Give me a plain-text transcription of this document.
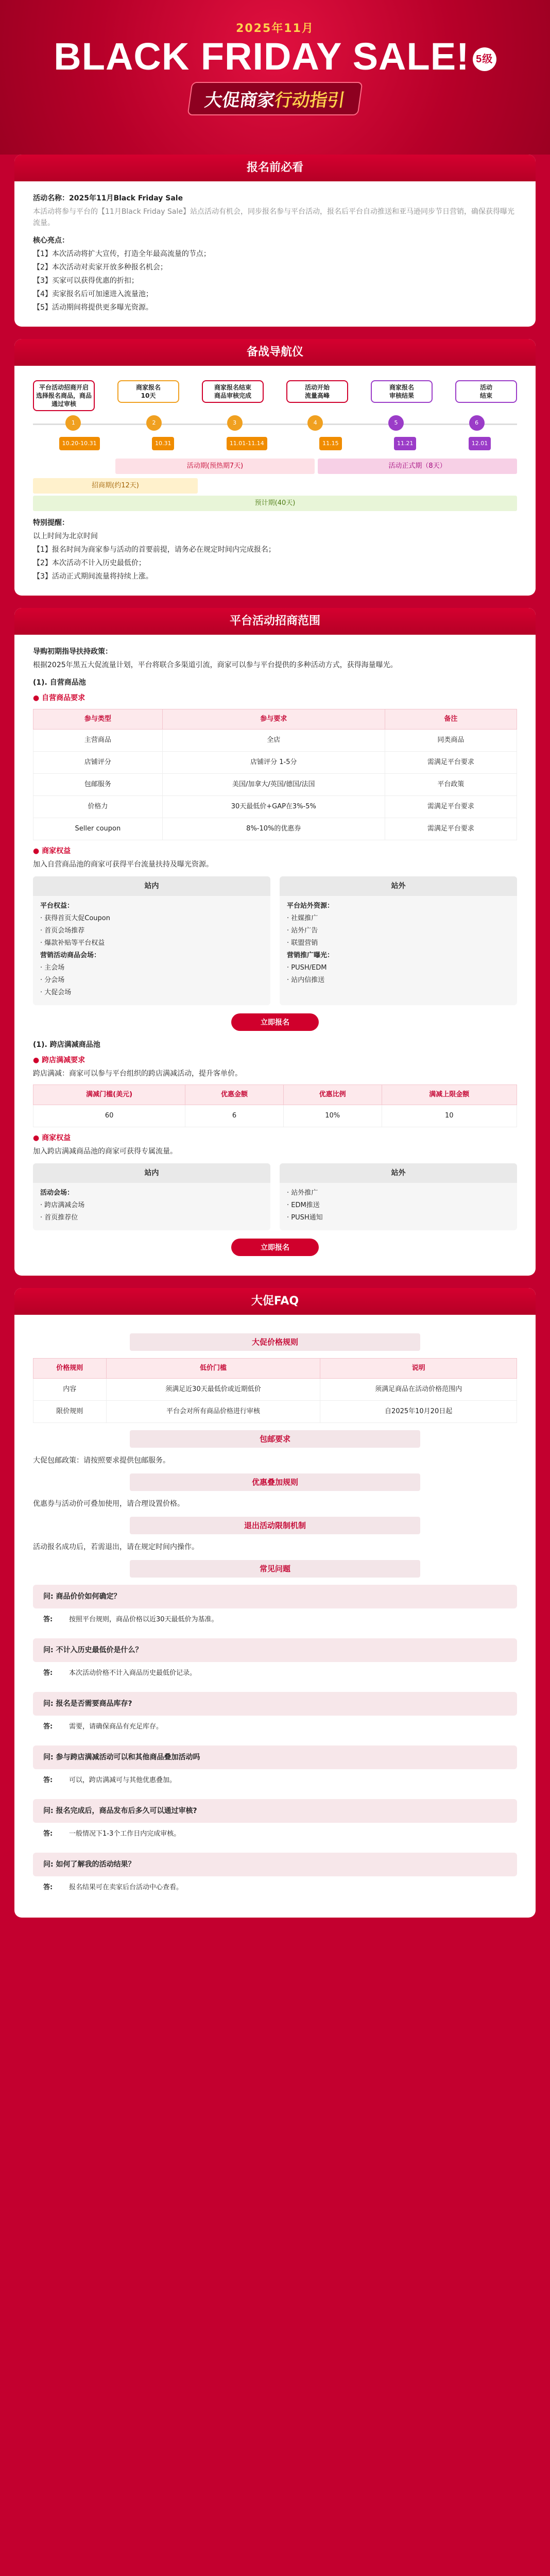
2025年11月
BLACK FRIDAY SALE! 5级
大促商家行动指引
报名前必看

活动名称：2025年11月Black Friday Sale

本活动将参与平台的【11月Black Friday Sale】站点活动有机会，同步报名参与平台活动，报名后平台自动推送和亚马逊同步节日营销，确保获得曝光流量。

核心亮点：

【1】本次活动将扩大宣传，打造全年最高流量的节点；

【2】本次活动对卖家开放多种报名机会；

【3】买家可以获得优惠的折扣；

【4】卖家报名后可加速进入流量池；

【5】活动期间将提供更多曝光资源。

备战导航仪
平台活动招商开启
选择报名商品，商品通过审核
商家报名
10天
商家报名结束
商品审核完成
活动开始
流量高峰
商家报名
审核结果
活动
结束
1	2	3	4	5	6
10.20-10.31	10.31	11.01-11.14	11.15	11.21	12.01
活动期(预热期7天)	活动正式期（8天）
招商期(约12天)
预计期(40天)

特别提醒：

以上时间为北京时间

【1】报名时间为商家参与活动的首要前提，请务必在规定时间内完成报名；

【2】本次活动不计入历史最低价；

【3】活动正式期间流量将持续上涨。

平台活动招商范围

导购初期指导扶持政策：

根据2025年黑五大促流量计划，平台将联合多渠道引流，商家可以参与平台提供的多种活动方式，获得海量曝光。

(1). 自营商品池

● 自营商品要求

参与类型	参与要求	备注
主营商品	全店	同类商品
店铺评分	店铺评分 1-5分	需满足平台要求
包邮服务	美国/加拿大/英国/德国/法国	平台政策
价格力	30天最低价+GAP在3%-5%	需满足平台要求
Seller coupon	8%-10%的优惠券	需满足平台要求

● 商家权益

加入自营商品池的商家可获得平台流量扶持及曝光资源。

站内

平台权益：

· 获得首页大促Coupon

· 首页会场推荐

· 爆款补贴等平台权益

营销活动商品会场：

· 主会场

· 分会场

· 大促会场

站外

平台站外资源：

· 社媒推广

· 站外广告

· 联盟营销

营销推广曝光：

· PUSH/EDM

· 站内信推送

立即报名

(1). 跨店满减商品池

● 跨店满减要求

跨店满减：商家可以参与平台组织的跨店满减活动，提升客单价。

满减门槛(美元)	优惠金额	优惠比例	满减上限金额
60	6	10%	10

● 商家权益

加入跨店满减商品池的商家可获得专属流量。

站内

活动会场：

· 跨店满减会场

· 首页推荐位

站外

· 站外推广

· EDM推送

· PUSH通知

立即报名
大促FAQ
大促价格规则
价格规则	低价门槛	说明
内容	须满足近30天最低价或近期低价	须满足商品在活动价格范围内
限价规则	平台会对所有商品价格进行审核	自2025年10月20日起
包邮要求

大促包邮政策：请按照要求提供包邮服务。

优惠叠加规则

优惠券与活动价可叠加使用，请合理设置价格。

退出活动限制机制

活动报名成功后，若需退出，请在规定时间内操作。

常见问题
问: 商品价价如何确定？
答: 按照平台规则，商品价格以近30天最低价为基准。
问: 不计入历史最低价是什么？
答: 本次活动价格不计入商品历史最低价记录。
问: 报名是否需要商品库存?
答: 需要，请确保商品有充足库存。
问: 参与跨店满减活动可以和其他商品叠加活动吗
答: 可以，跨店满减可与其他优惠叠加。
问: 报名完成后，商品发布后多久可以通过审核?
答: 一般情况下1-3个工作日内完成审核。
问: 如何了解我的活动结果？
答: 报名结果可在卖家后台活动中心查看。
